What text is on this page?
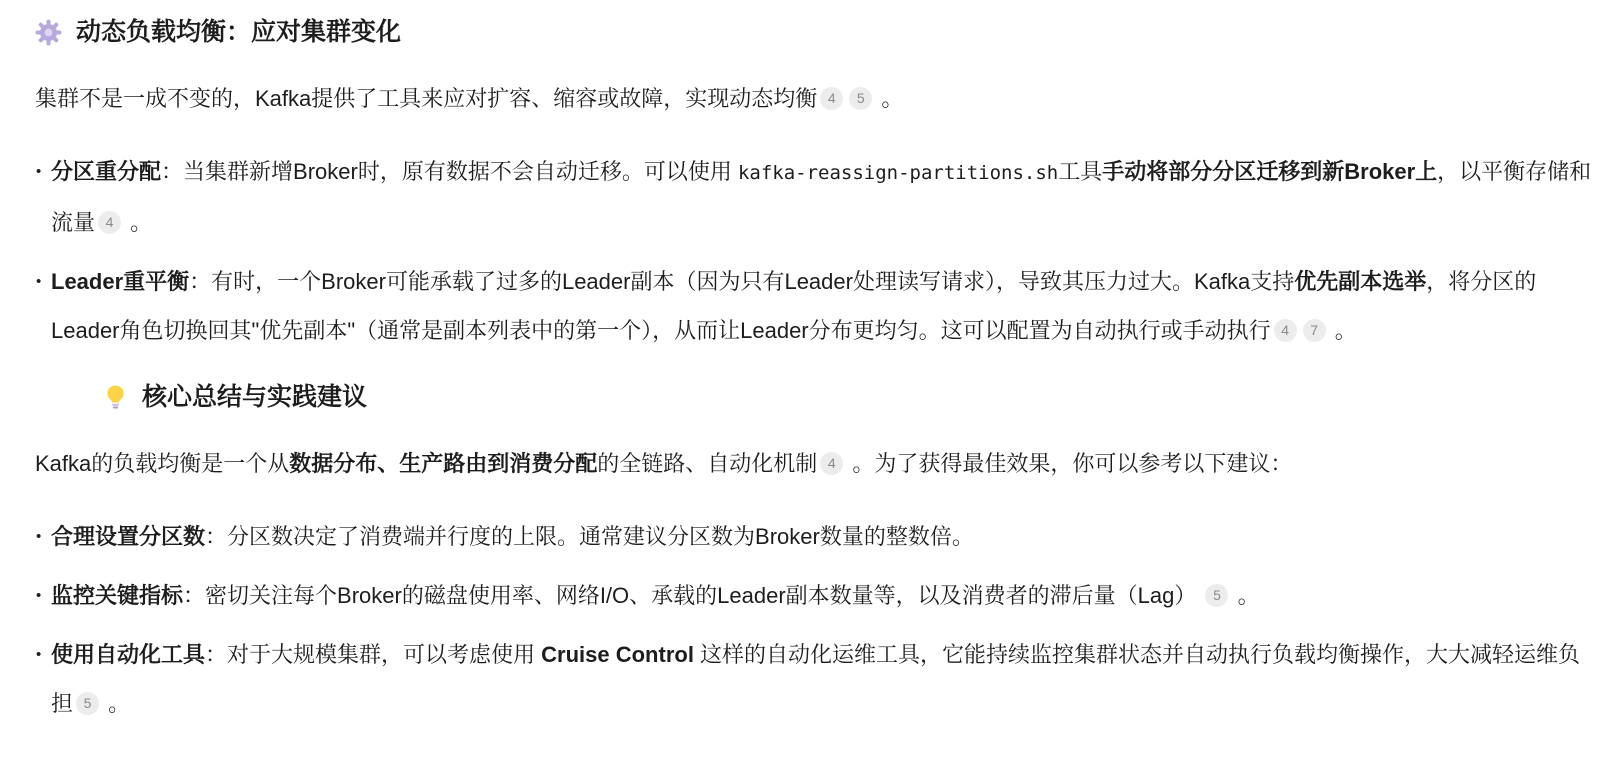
动态负载均衡：应对集群变化
集群不是一成不变的，Kafka提供了工具来应对扩容、缩容或故障，实现动态均衡 4 5 。
• 分区重分配：当集群新增Broker时，原有数据不会自动迁移。可以使用 kafka-reassign-partitions.sh工具手动将部分分区迁移到新Broker上，以平衡存储和流量 4 。
• Leader重平衡：有时，一个Broker可能承载了过多的Leader副本（因为只有Leader处理读写请求），导致其压力过大。Kafka支持优先副本选举，将分区的Leader角色切换回其"优先副本"（通常是副本列表中的第一个），从而让Leader分布更均匀。这可以配置为自动执行或手动执行 4 7 。
核心总结与实践建议
Kafka的负载均衡是一个从数据分布、生产路由到消费分配的全链路、自动化机制 4 。为了获得最佳效果，你可以参考以下建议：
• 合理设置分区数：分区数决定了消费端并行度的上限。通常建议分区数为Broker数量的整数倍。
• 监控关键指标：密切关注每个Broker的磁盘使用率、网络I/O、承载的Leader副本数量等，以及消费者的滞后量（Lag） 5 。
• 使用自动化工具：对于大规模集群，可以考虑使用 Cruise Control 这样的自动化运维工具，它能持续监控集群状态并自动执行负载均衡操作，大大减轻运维负担 5 。
